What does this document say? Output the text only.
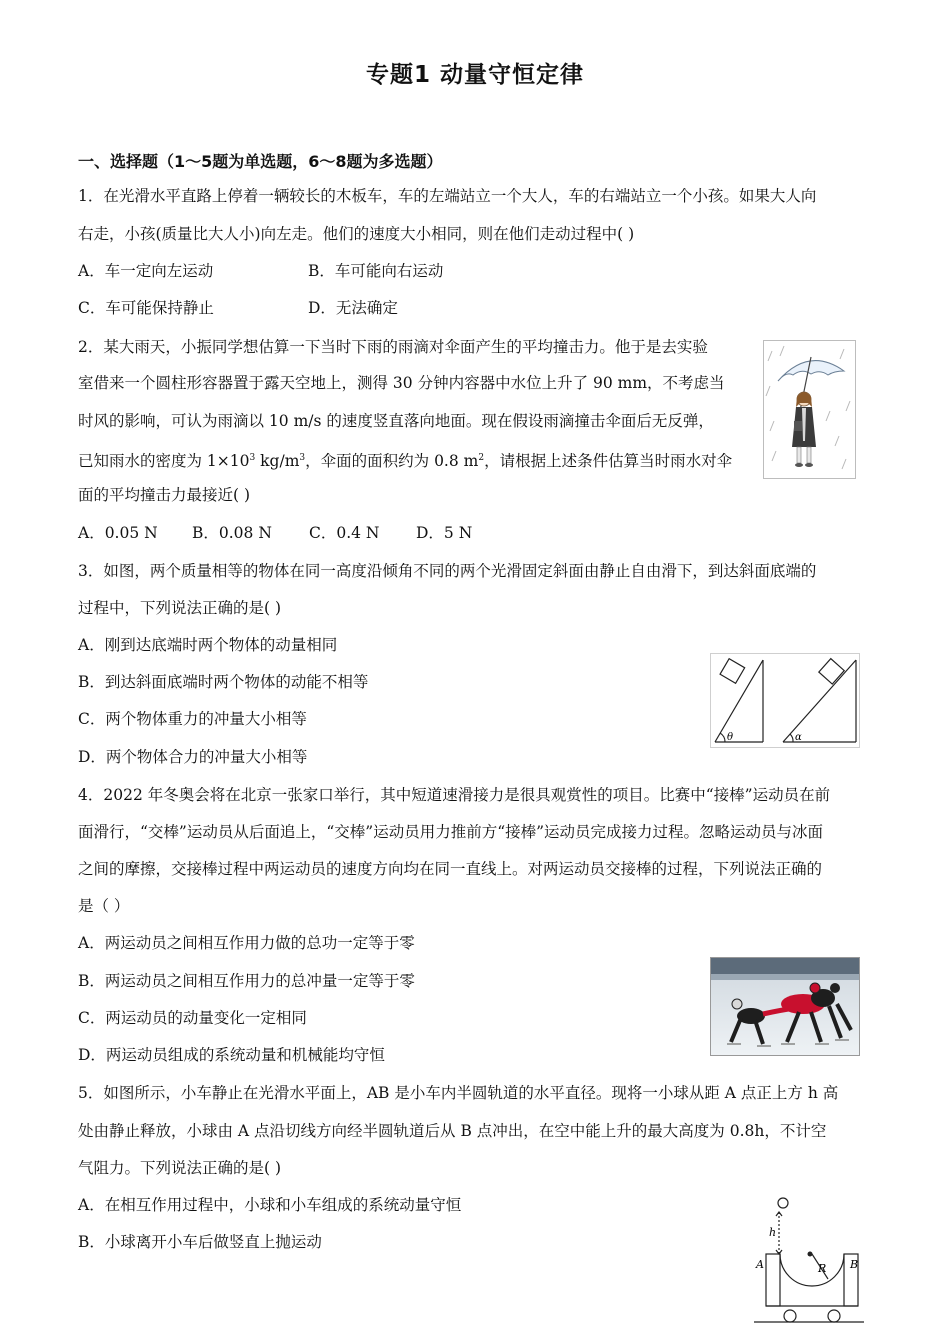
专题1 动量守恒定律
一、选择题（1～5题为单选题，6～8题为多选题）
1．在光滑水平直路上停着一辆较长的木板车，车的左端站立一个大人，车的右端站立一个小孩。如果大人向
右走，小孩(质量比大人小)向左走。他们的速度大小相同，则在他们走动过程中( )
A．车一定向左运动	B．车可能向右运动
C．车可能保持静止	D．无法确定
2．某大雨天，小振同学想估算一下当时下雨的雨滴对伞面产生的平均撞击力。他于是去实验
室借来一个圆柱形容器置于露天空地上，测得 30 分钟内容器中水位上升了 90 mm，不考虑当
时风的影响，可认为雨滴以 10 m/s 的速度竖直落向地面。现在假设雨滴撞击伞面后无反弹，
已知雨水的密度为 $1\times 10^3$ $kg/m^3$，伞面的面积约为 0.8 $m^2$，请根据上述条件估算当时雨水对伞
面的平均撞击力最接近( )
A．0.05 N B．0.08 N C．0.4 N D．5 N
3．如图，两个质量相等的物体在同一高度沿倾角不同的两个光滑固定斜面由静止自由滑下，到达斜面底端的
过程中，下列说法正确的是( )
A．刚到达底端时两个物体的动量相同
B．到达斜面底端时两个物体的动能不相等
C．两个物体重力的冲量大小相等
D．两个物体合力的冲量大小相等
θ	α
4．2022 年冬奥会将在北京一张家口举行，其中短道速滑接力是很具观赏性的项目。比赛中“接棒”运动员在前
面滑行，“交棒”运动员从后面追上，“交棒”运动员用力推前方“接棒”运动员完成接力过程。忽略运动员与冰面
之间的摩擦，交接棒过程中两运动员的速度方向均在同一直线上。对两运动员交接棒的过程，下列说法正确的
是（ ）
A．两运动员之间相互作用力做的总功一定等于零
B．两运动员之间相互作用力的总冲量一定等于零
C．两运动员的动量变化一定相同
D．两运动员组成的系统动量和机械能均守恒
5．如图所示，小车静止在光滑水平面上，AB 是小车内半圆轨道的水平直径。现将一小球从距 A 点正上方 h 高
处由静止释放，小球由 A 点沿切线方向经半圆轨道后从 B 点冲出，在空中能上升的最大高度为 0.8h，不计空
气阻力。下列说法正确的是( )
A．在相互作用过程中，小球和小车组成的系统动量守恒
B．小球离开小车后做竖直上抛运动
h
A	B
R
